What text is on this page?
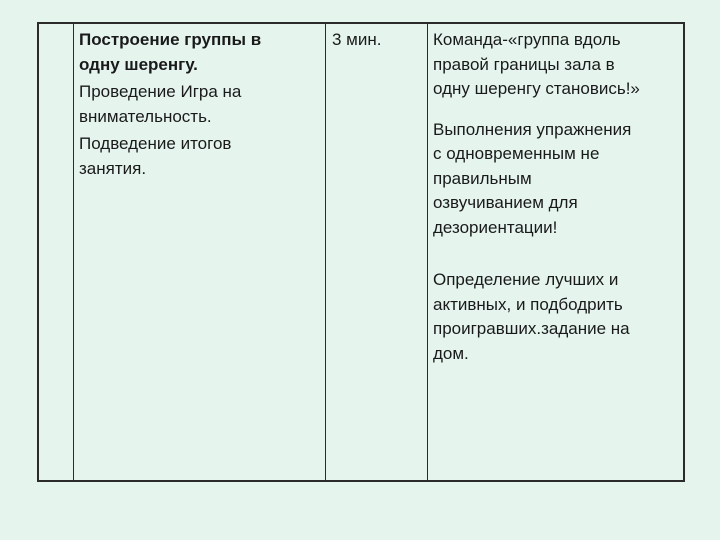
Построение группы в
одну шеренгу.

Проведение Игра на
внимательность.

Подведение итогов
занятия.

3 мин.	Команда-«группа вдоль
правой границы зала в
одну шеренгу становись!»

Выполнения упражнения
с одновременным не
правильным
озвучиванием для
дезориентации!

Определение лучших и
активных, и подбодрить
проигравших.задание на
дом.
